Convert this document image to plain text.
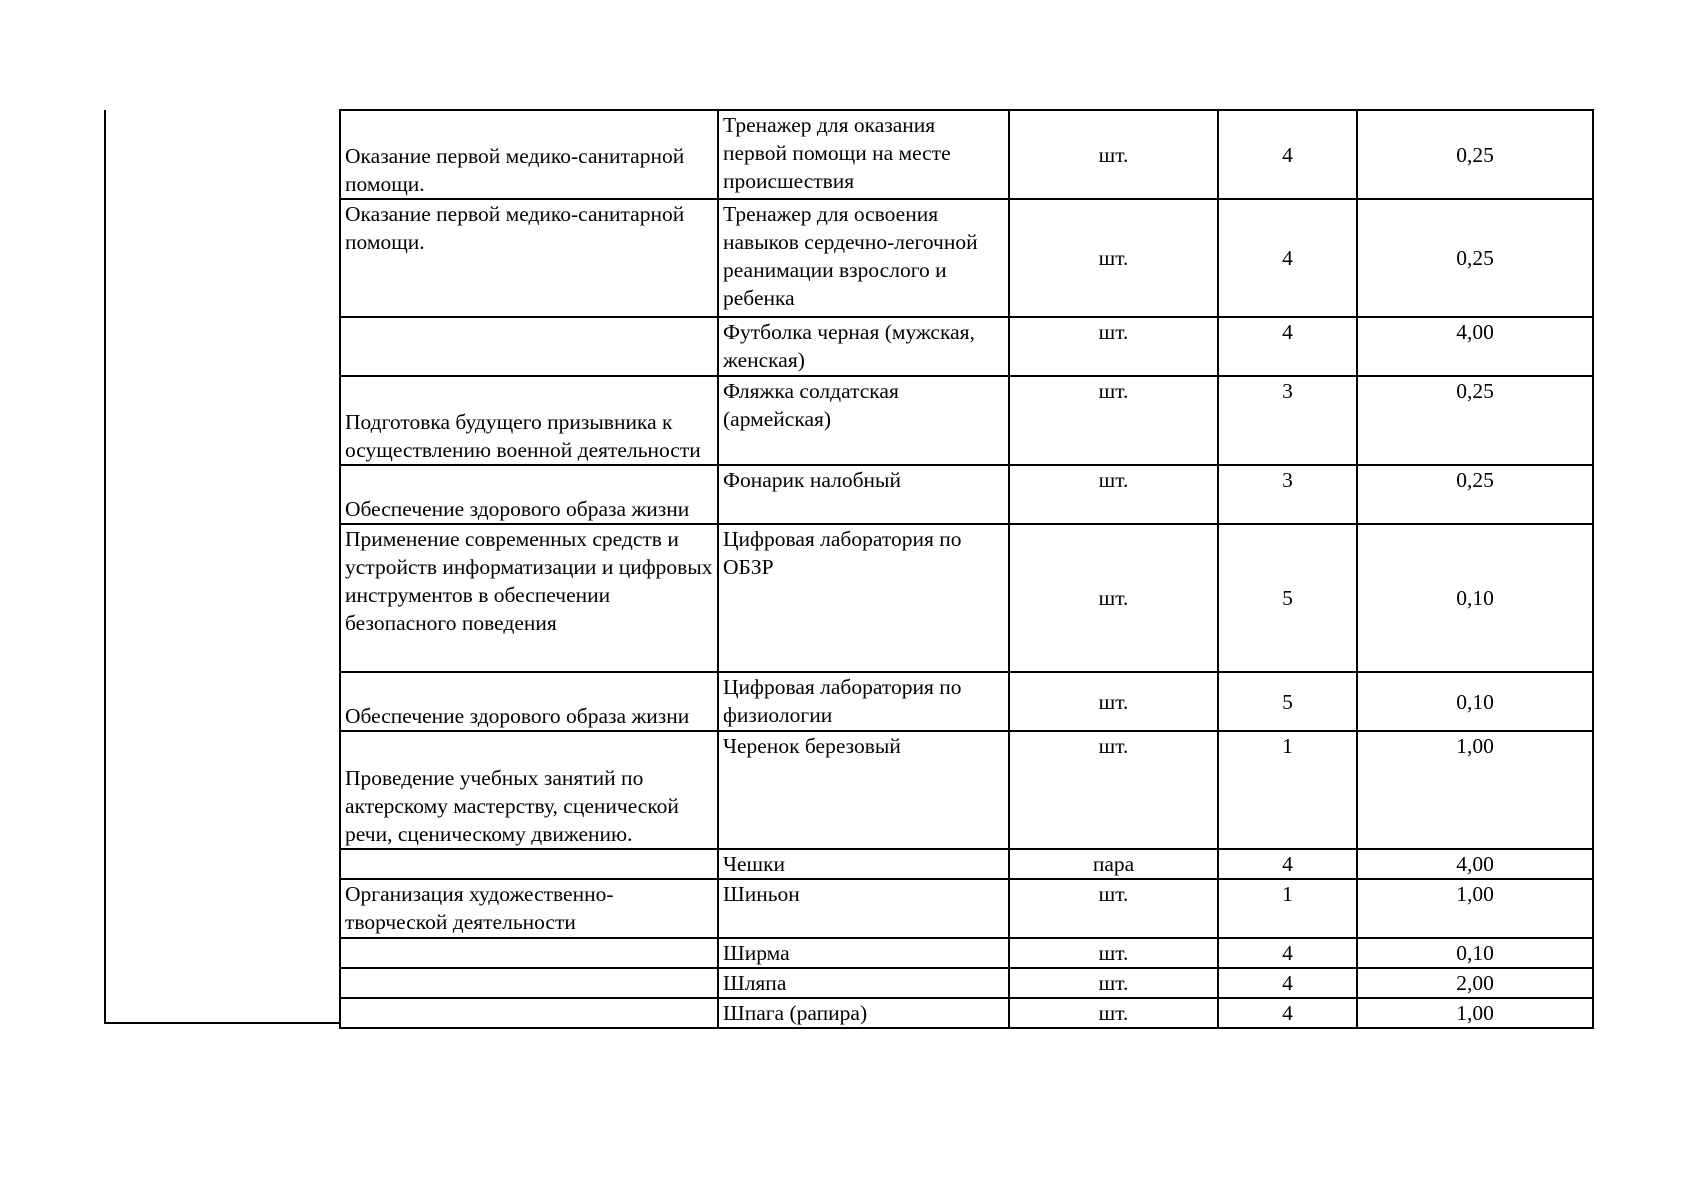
Оказание первой медико-санитарной помощи.	Тренажер для оказания первой помощи на месте происшествия	шт.	4	0,25
Оказание первой медико-санитарной помощи.	Тренажер для освоения навыков сердечно-легочной реанимации взрослого и ребенка	шт.	4	0,25
	Футболка черная (мужская, женская)	шт.	4	4,00
Подготовка будущего призывника к осуществлению военной деятельности	Фляжка солдатская (армейская)	шт.	3	0,25
Обеспечение здорового образа жизни	Фонарик налобный	шт.	3	0,25
Применение современных средств и устройств информатизации и цифровых инструментов в обеспечении безопасного поведения	Цифровая лаборатория по ОБЗР	шт.	5	0,10
Обеспечение здорового образа жизни	Цифровая лаборатория по физиологии	шт.	5	0,10
Проведение учебных занятий по актерскому мастерству, сценической речи, сценическому движению.	Черенок березовый	шт.	1	1,00
	Чешки	пара	4	4,00
Организация художественно-творческой деятельности	Шиньон	шт.	1	1,00
	Ширма	шт.	4	0,10
	Шляпа	шт.	4	2,00
	Шпага (рапира)	шт.	4	1,00
